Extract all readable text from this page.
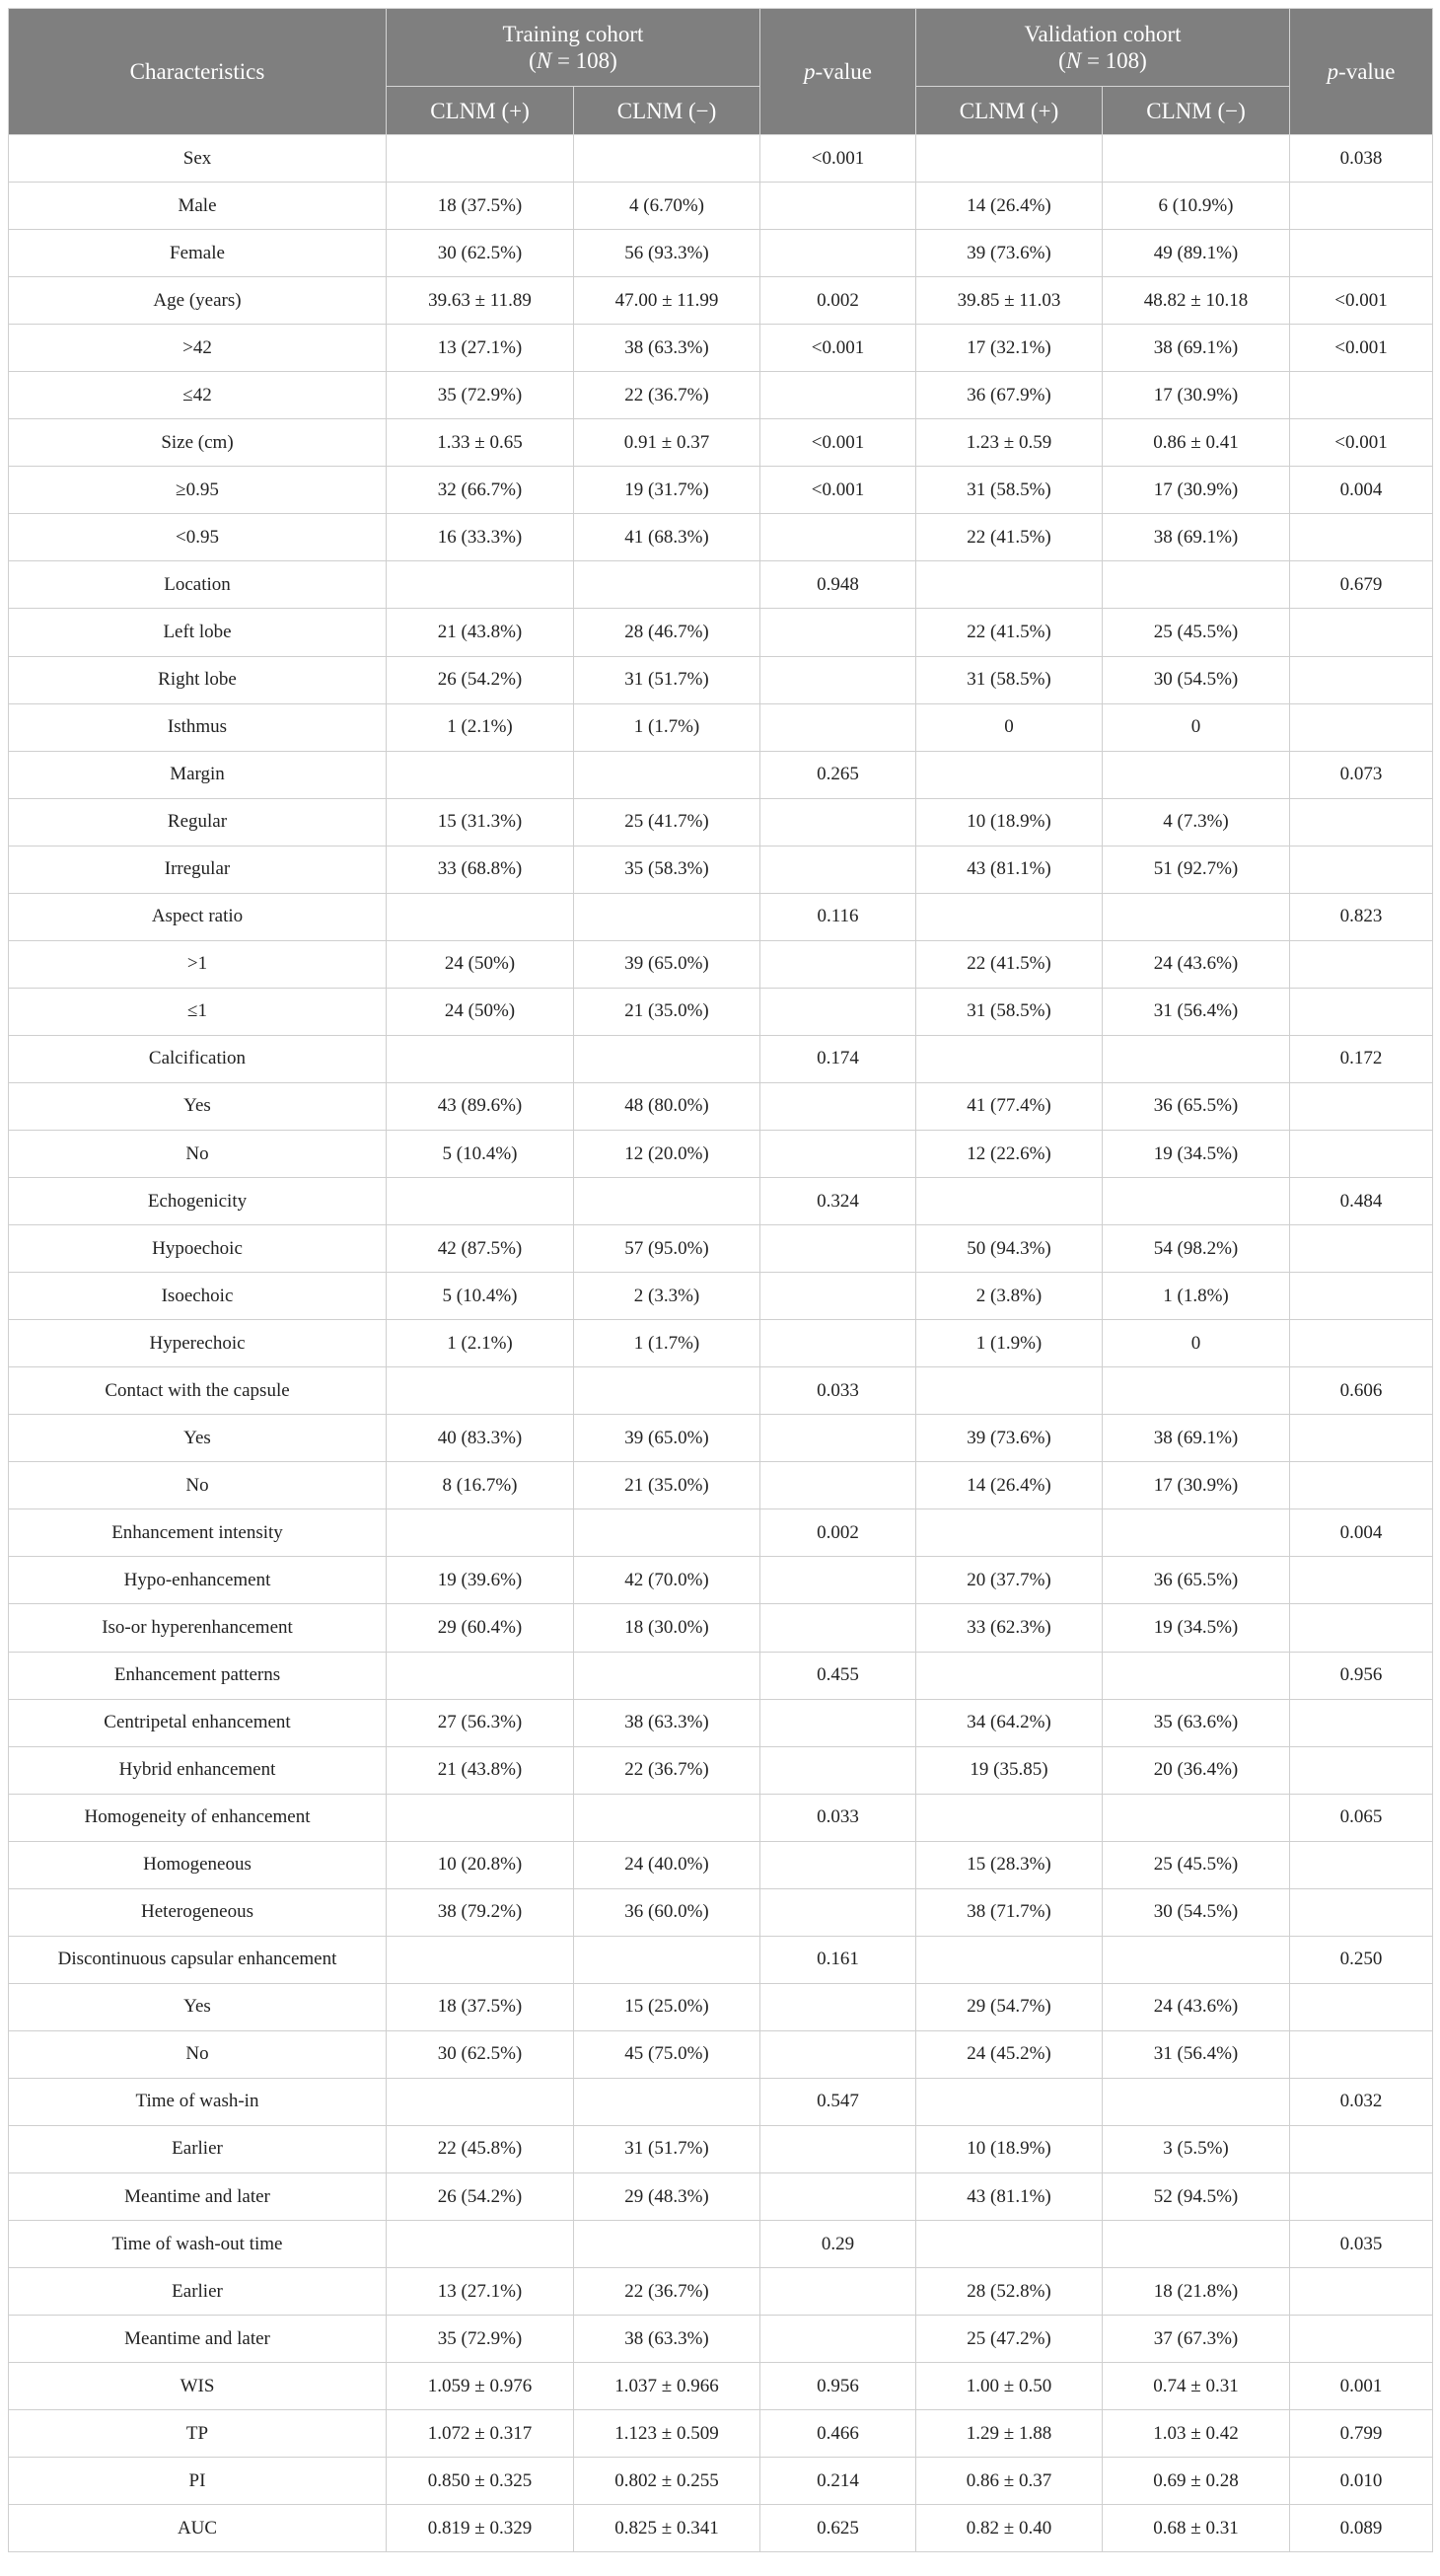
Characteristics	Training cohort
(N = 108)		p-value	Validation cohort
(N = 108)		p-value
	CLNM (+)	CLNM (−)		CLNM (+)	CLNM (−)	
Sex			<0.001			0.038
Male	18 (37.5%)	4 (6.70%)		14 (26.4%)	6 (10.9%)	
Female	30 (62.5%)	56 (93.3%)		39 (73.6%)	49 (89.1%)	
Age (years)	39.63 ± 11.89	47.00 ± 11.99	0.002	39.85 ± 11.03	48.82 ± 10.18	<0.001
>42	13 (27.1%)	38 (63.3%)	<0.001	17 (32.1%)	38 (69.1%)	<0.001
≤42	35 (72.9%)	22 (36.7%)		36 (67.9%)	17 (30.9%)	
Size (cm)	1.33 ± 0.65	0.91 ± 0.37	<0.001	1.23 ± 0.59	0.86 ± 0.41	<0.001
≥0.95	32 (66.7%)	19 (31.7%)	<0.001	31 (58.5%)	17 (30.9%)	0.004
<0.95	16 (33.3%)	41 (68.3%)		22 (41.5%)	38 (69.1%)	
Location			0.948			0.679
Left lobe	21 (43.8%)	28 (46.7%)		22 (41.5%)	25 (45.5%)	
Right lobe	26 (54.2%)	31 (51.7%)		31 (58.5%)	30 (54.5%)	
Isthmus	1 (2.1%)	1 (1.7%)		0	0	
Margin			0.265			0.073
Regular	15 (31.3%)	25 (41.7%)		10 (18.9%)	4 (7.3%)	
Irregular	33 (68.8%)	35 (58.3%)		43 (81.1%)	51 (92.7%)	
Aspect ratio			0.116			0.823
>1	24 (50%)	39 (65.0%)		22 (41.5%)	24 (43.6%)	
≤1	24 (50%)	21 (35.0%)		31 (58.5%)	31 (56.4%)	
Calcification			0.174			0.172
Yes	43 (89.6%)	48 (80.0%)		41 (77.4%)	36 (65.5%)	
No	5 (10.4%)	12 (20.0%)		12 (22.6%)	19 (34.5%)	
Echogenicity			0.324			0.484
Hypoechoic	42 (87.5%)	57 (95.0%)		50 (94.3%)	54 (98.2%)	
Isoechoic	5 (10.4%)	2 (3.3%)		2 (3.8%)	1 (1.8%)	
Hyperechoic	1 (2.1%)	1 (1.7%)		1 (1.9%)	0	
Contact with the capsule			0.033			0.606
Yes	40 (83.3%)	39 (65.0%)		39 (73.6%)	38 (69.1%)	
No	8 (16.7%)	21 (35.0%)		14 (26.4%)	17 (30.9%)	
Enhancement intensity			0.002			0.004
Hypo-enhancement	19 (39.6%)	42 (70.0%)		20 (37.7%)	36 (65.5%)	
Iso-or hyperenhancement	29 (60.4%)	18 (30.0%)		33 (62.3%)	19 (34.5%)	
Enhancement patterns			0.455			0.956
Centripetal enhancement	27 (56.3%)	38 (63.3%)		34 (64.2%)	35 (63.6%)	
Hybrid enhancement	21 (43.8%)	22 (36.7%)		19 (35.85)	20 (36.4%)	
Homogeneity of enhancement			0.033			0.065
Homogeneous	10 (20.8%)	24 (40.0%)		15 (28.3%)	25 (45.5%)	
Heterogeneous	38 (79.2%)	36 (60.0%)		38 (71.7%)	30 (54.5%)	
Discontinuous capsular enhancement			0.161			0.250
Yes	18 (37.5%)	15 (25.0%)		29 (54.7%)	24 (43.6%)	
No	30 (62.5%)	45 (75.0%)		24 (45.2%)	31 (56.4%)	
Time of wash-in			0.547			0.032
Earlier	22 (45.8%)	31 (51.7%)		10 (18.9%)	3 (5.5%)	
Meantime and later	26 (54.2%)	29 (48.3%)		43 (81.1%)	52 (94.5%)	
Time of wash-out time			0.29			0.035
Earlier	13 (27.1%)	22 (36.7%)		28 (52.8%)	18 (21.8%)	
Meantime and later	35 (72.9%)	38 (63.3%)		25 (47.2%)	37 (67.3%)	
WIS	1.059 ± 0.976	1.037 ± 0.966	0.956	1.00 ± 0.50	0.74 ± 0.31	0.001
TP	1.072 ± 0.317	1.123 ± 0.509	0.466	1.29 ± 1.88	1.03 ± 0.42	0.799
PI	0.850 ± 0.325	0.802 ± 0.255	0.214	0.86 ± 0.37	0.69 ± 0.28	0.010
AUC	0.819 ± 0.329	0.825 ± 0.341	0.625	0.82 ± 0.40	0.68 ± 0.31	0.089
